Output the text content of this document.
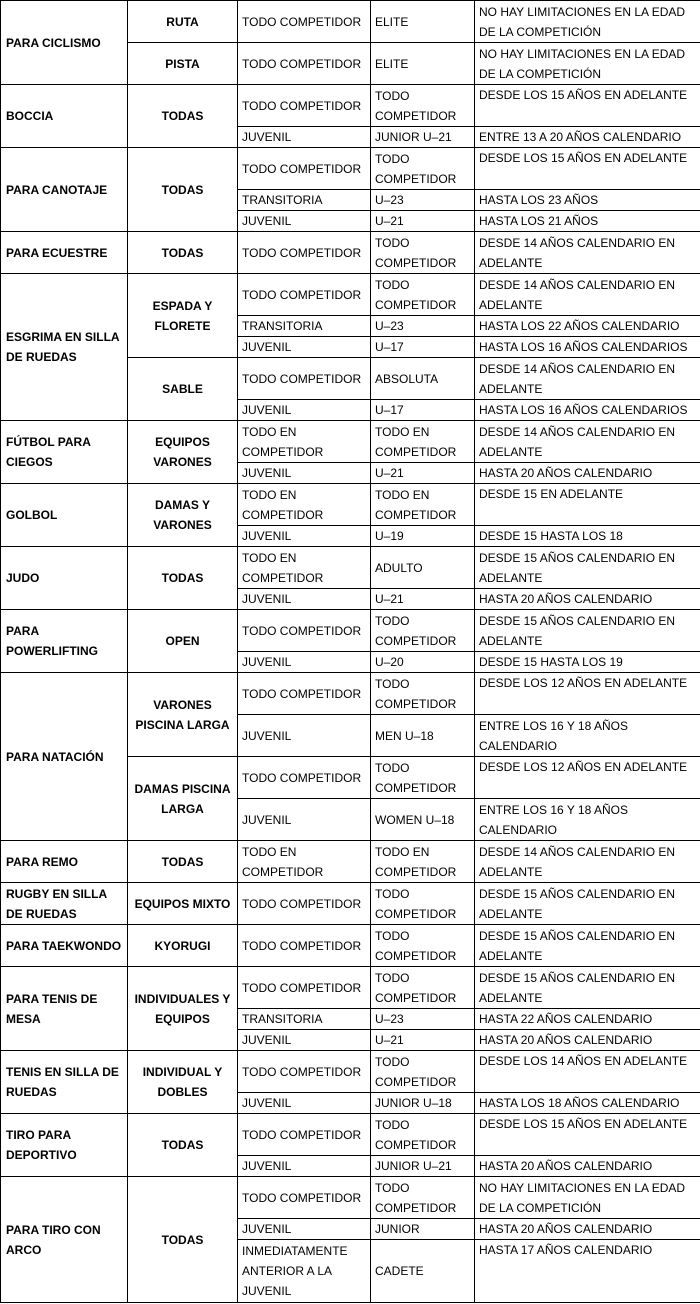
PARA CICLISMO	RUTA	TODO COMPETIDOR	ELITE	NO HAY LIMITACIONES EN LA EDAD DE LA COMPETICIÓN
	PISTA	TODO COMPETIDOR	ELITE	NO HAY LIMITACIONES EN LA EDAD DE LA COMPETICIÓN
BOCCIA	TODAS	TODO COMPETIDOR	TODO COMPETIDOR	DESDE LOS 15 AÑOS EN ADELANTE
		JUVENIL	JUNIOR U–21	ENTRE 13 A 20 AÑOS CALENDARIO
PARA CANOTAJE	TODAS	TODO COMPETIDOR	TODO COMPETIDOR	DESDE LOS 15 AÑOS EN ADELANTE
		TRANSITORIA	U–23	HASTA LOS 23 AÑOS
		JUVENIL	U–21	HASTA LOS 21 AÑOS
PARA ECUESTRE	TODAS	TODO COMPETIDOR	TODO COMPETIDOR	DESDE 14 AÑOS CALENDARIO EN ADELANTE
ESGRIMA EN SILLA DE RUEDAS	ESPADA Y FLORETE	TODO COMPETIDOR	TODO COMPETIDOR	DESDE 14 AÑOS CALENDARIO EN ADELANTE
		TRANSITORIA	U–23	HASTA LOS 22 AÑOS CALENDARIO
		JUVENIL	U–17	HASTA LOS 16 AÑOS CALENDARIOS
	SABLE	TODO COMPETIDOR	ABSOLUTA	DESDE 14 AÑOS CALENDARIO EN ADELANTE
		JUVENIL	U–17	HASTA LOS 16 AÑOS CALENDARIOS
FÚTBOL PARA CIEGOS	EQUIPOS VARONES	TODO EN COMPETIDOR	TODO EN COMPETIDOR	DESDE 14 AÑOS CALENDARIO EN ADELANTE
		JUVENIL	U–21	HASTA 20 AÑOS CALENDARIO
GOLBOL	DAMAS Y VARONES	TODO EN COMPETIDOR	TODO EN COMPETIDOR	DESDE 15 EN ADELANTE
		JUVENIL	U–19	DESDE 15 HASTA LOS 18
JUDO	TODAS	TODO EN COMPETIDOR	ADULTO	DESDE 15 AÑOS CALENDARIO EN ADELANTE
		JUVENIL	U–21	HASTA 20 AÑOS CALENDARIO
PARA POWERLIFTING	OPEN	TODO COMPETIDOR	TODO COMPETIDOR	DESDE 15 AÑOS CALENDARIO EN ADELANTE
		JUVENIL	U–20	DESDE 15 HASTA LOS 19
PARA NATACIÓN	VARONES PISCINA LARGA	TODO COMPETIDOR	TODO COMPETIDOR	DESDE LOS 12 AÑOS EN ADELANTE
		JUVENIL	MEN U–18	ENTRE LOS 16 Y 18 AÑOS CALENDARIO
	DAMAS PISCINA LARGA	TODO COMPETIDOR	TODO COMPETIDOR	DESDE LOS 12 AÑOS EN ADELANTE
		JUVENIL	WOMEN U–18	ENTRE LOS 16 Y 18 AÑOS CALENDARIO
PARA REMO	TODAS	TODO EN COMPETIDOR	TODO EN COMPETIDOR	DESDE 14 AÑOS CALENDARIO EN ADELANTE
RUGBY EN SILLA DE RUEDAS	EQUIPOS MIXTO	TODO COMPETIDOR	TODO COMPETIDOR	DESDE 15 AÑOS CALENDARIO EN ADELANTE
PARA TAEKWONDO	KYORUGI	TODO COMPETIDOR	TODO COMPETIDOR	DESDE 15 AÑOS CALENDARIO EN ADELANTE
PARA TENIS DE MESA	INDIVIDUALES Y EQUIPOS	TODO COMPETIDOR	TODO COMPETIDOR	DESDE 15 AÑOS CALENDARIO EN ADELANTE
		TRANSITORIA	U–23	HASTA 22 AÑOS CALENDARIO
		JUVENIL	U–21	HASTA 20 AÑOS CALENDARIO
TENIS EN SILLA DE RUEDAS	INDIVIDUAL Y DOBLES	TODO COMPETIDOR	TODO COMPETIDOR	DESDE LOS 14 AÑOS EN ADELANTE
		JUVENIL	JUNIOR U–18	HASTA LOS 18 AÑOS CALENDARIO
TIRO PARA DEPORTIVO	TODAS	TODO COMPETIDOR	TODO COMPETIDOR	DESDE LOS 15 AÑOS EN ADELANTE
		JUVENIL	JUNIOR U–21	HASTA 20 AÑOS CALENDARIO
PARA TIRO CON ARCO	TODAS	TODO COMPETIDOR	TODO COMPETIDOR	NO HAY LIMITACIONES EN LA EDAD DE LA COMPETICIÓN
		JUVENIL	JUNIOR	HASTA 20 AÑOS CALENDARIO
		INMEDIATAMENTE ANTERIOR A LA JUVENIL	CADETE	HASTA 17 AÑOS CALENDARIO
